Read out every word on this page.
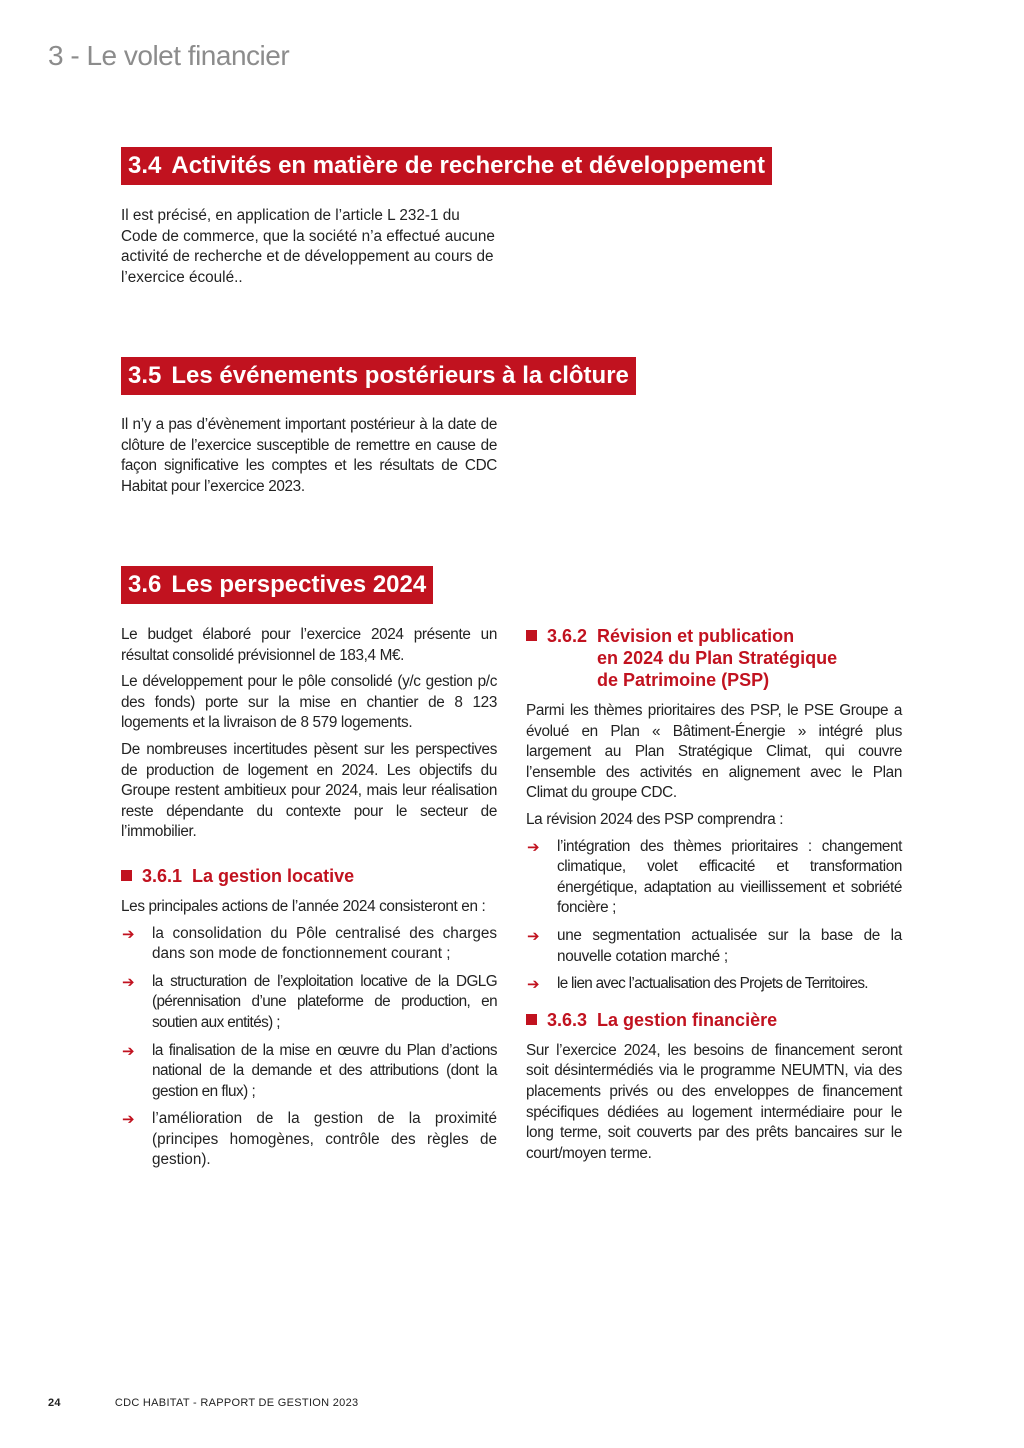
3 - Le volet financier
3.4 Activités en matière de recherche et développement

Il est précisé, en application de l’article L 232-1 du Code de commerce, que la société n’a effectué aucune activité de recherche et de développement au cours de l’exercice écoulé..

3.5 Les événements postérieurs à la clôture

Il n’y a pas d’évènement important postérieur à la date de clôture de l’exercice susceptible de remettre en cause de façon significative les comptes et les résultats de CDC Habitat pour l’exercice 2023.

3.6 Les perspectives 2024

Le budget élaboré pour l’exercice 2024 présente un résultat consolidé prévisionnel de 183,4 M€.

Le développement pour le pôle consolidé (y/c gestion p/c des fonds) porte sur la mise en chantier de 8 123 logements et la livraison de 8 579 logements.

De nombreuses incertitudes pèsent sur les perspectives de production de logement en 2024. Les objectifs du Groupe restent ambitieux pour 2024, mais leur réalisation reste dépendante du contexte pour le secteur de l’immobilier.

3.6.1 La gestion locative

Les principales actions de l’année 2024 consisteront en :

➔ la consolidation du Pôle centralisé des charges dans son mode de fonctionnement courant ;
➔ la structuration de l’exploitation locative de la DGLG (pérennisation d’une plateforme de production, en soutien aux entités) ;
➔ la finalisation de la mise en œuvre du Plan d’actions national de la demande et des attributions (dont la gestion en flux) ;
➔ l’amélioration de la gestion de la proximité (principes homogènes, contrôle des règles de gestion).
3.6.2 Révision et publication
en 2024 du Plan Stratégique
de Patrimoine (PSP)

Parmi les thèmes prioritaires des PSP, le PSE Groupe a évolué en Plan « Bâtiment-Énergie » intégré plus largement au Plan Stratégique Climat, qui couvre l’ensemble des activités en alignement avec le Plan Climat du groupe CDC.

La révision 2024 des PSP comprendra :

➔ l’intégration des thèmes prioritaires : changement climatique, volet efficacité et transformation énergétique, adaptation au vieillissement et sobriété foncière ;
➔ une segmentation actualisée sur la base de la nouvelle cotation marché ;
➔ le lien avec l’actualisation des Projets de Territoires.
3.6.3 La gestion financière

Sur l’exercice 2024, les besoins de financement seront soit désintermédiés via le programme NEUMTN, via des placements privés ou des enveloppes de financement spécifiques dédiées au logement intermédiaire pour le long terme, soit couverts par des prêts bancaires sur le court/moyen terme.

24	CDC HABITAT - RAPPORT DE GESTION 2023
